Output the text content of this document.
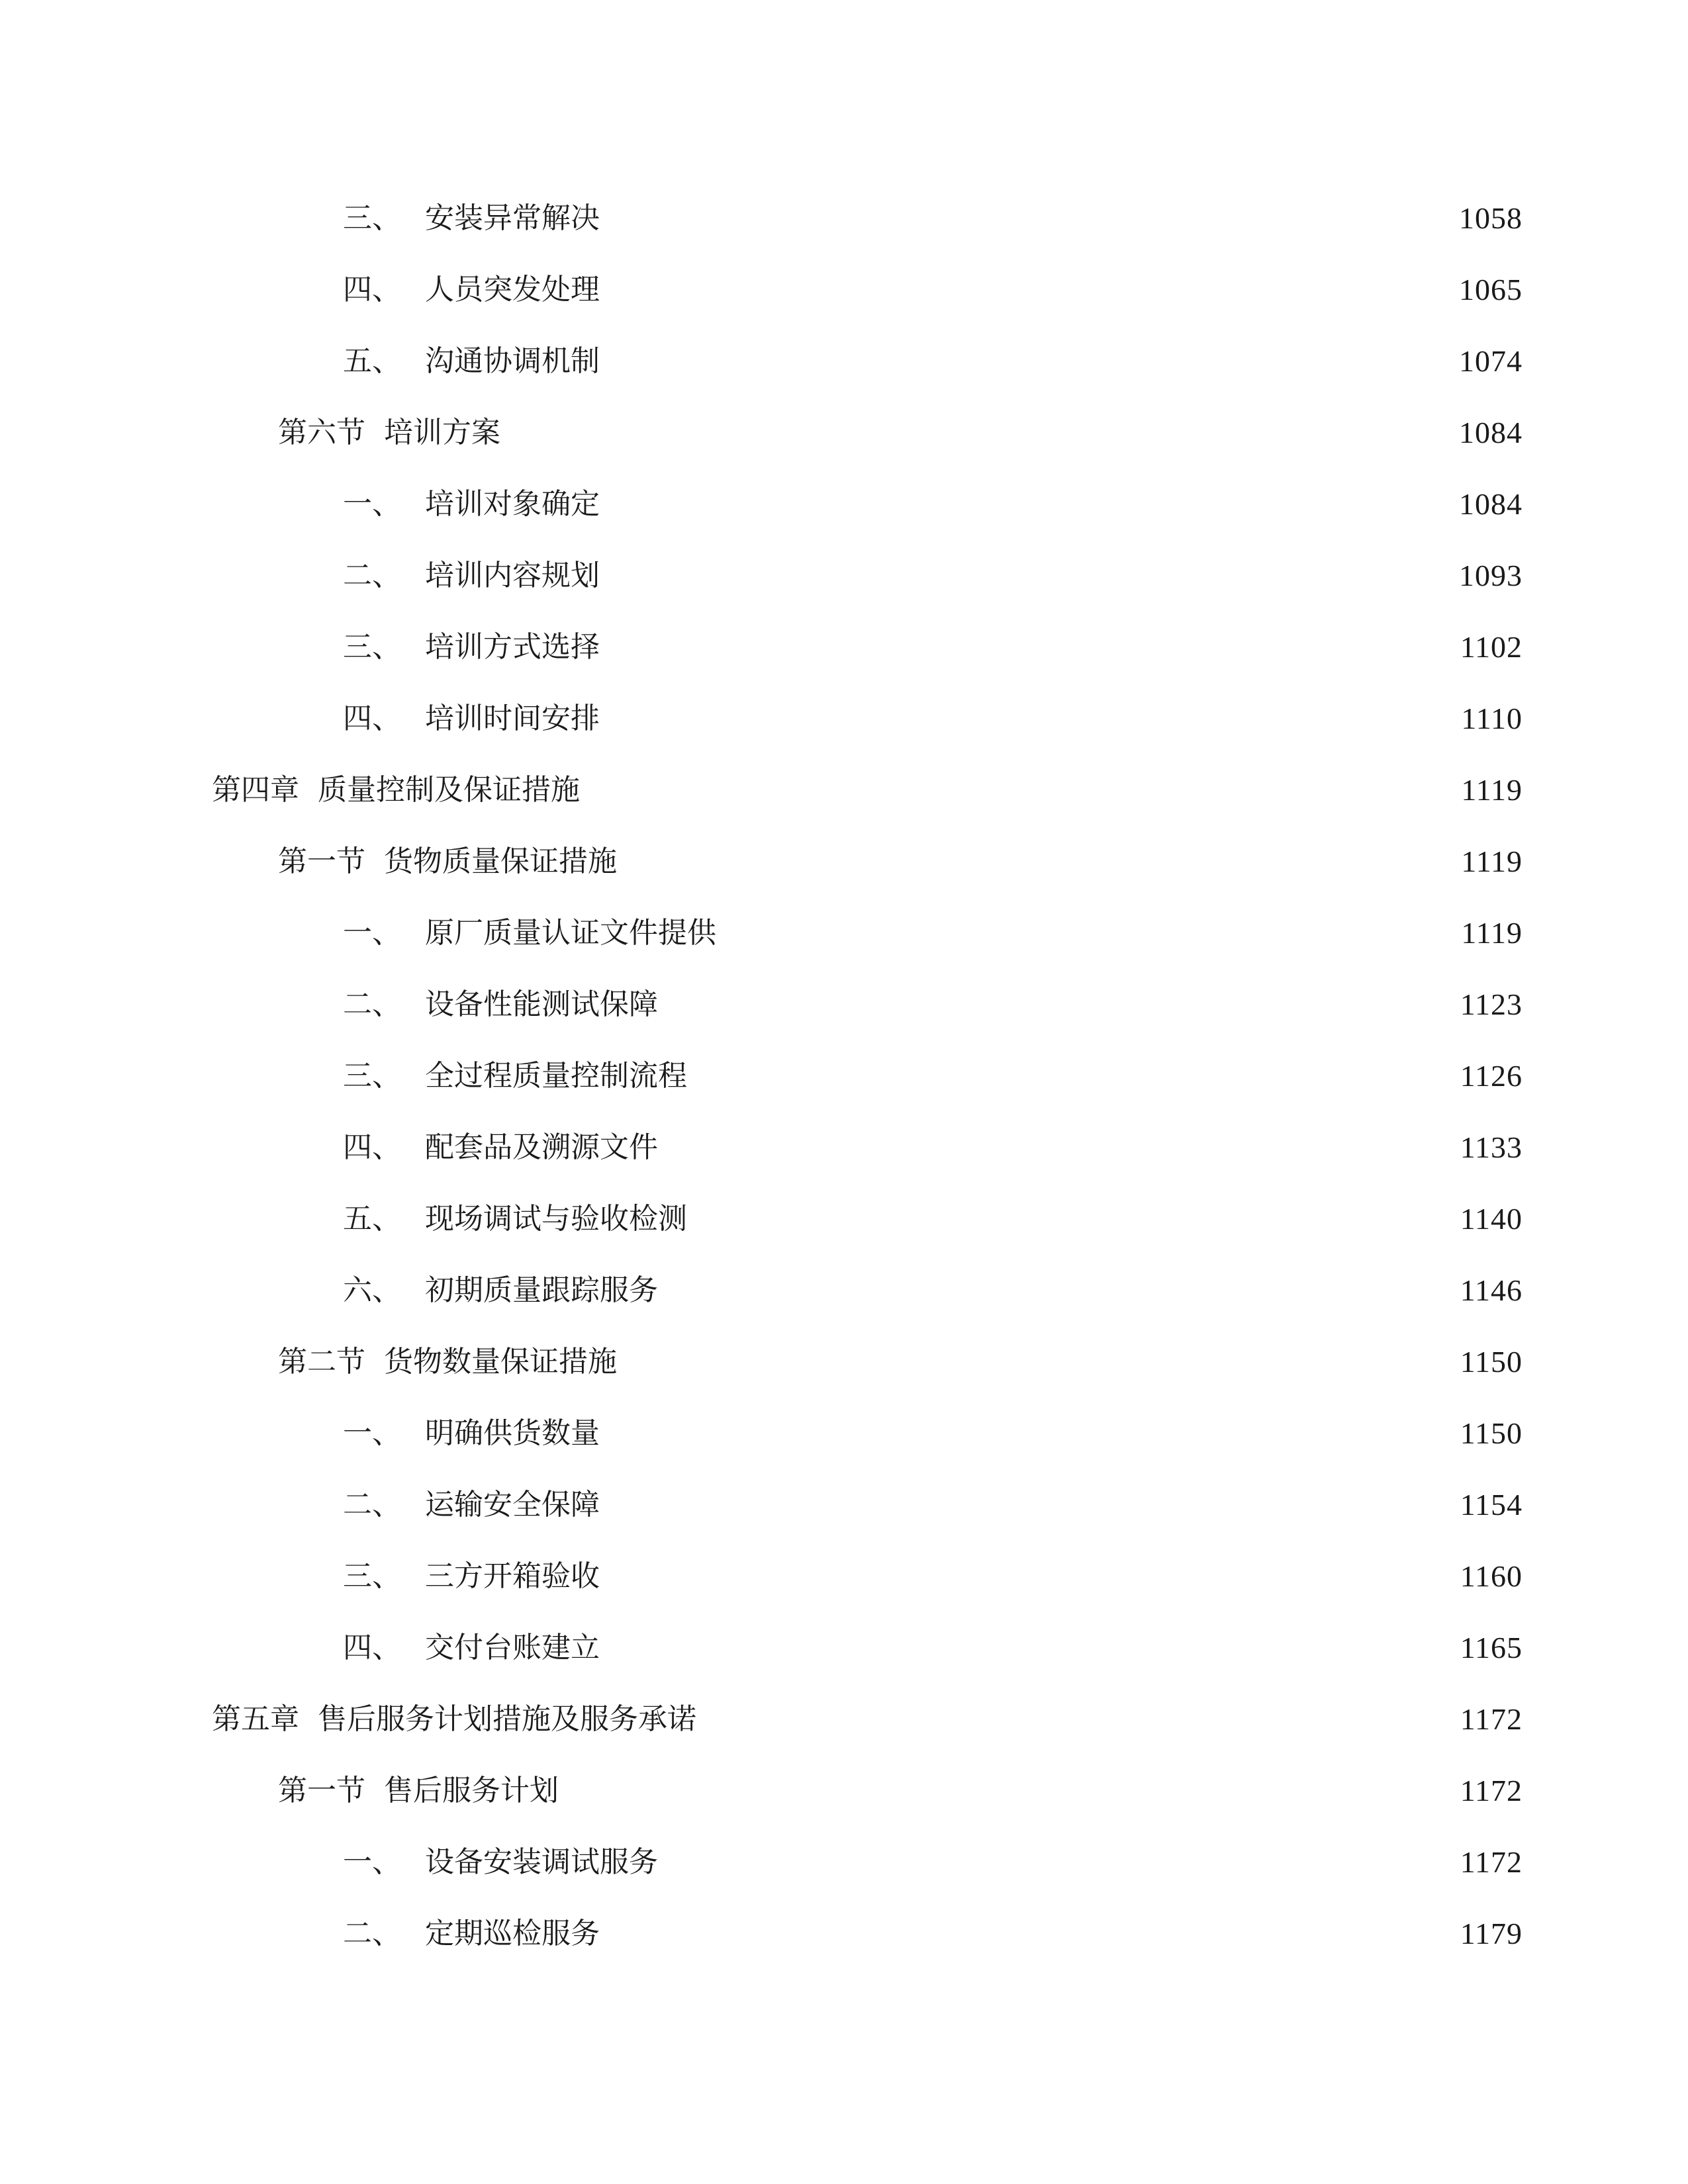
三、 安装异常解决	1058
四、 人员突发处理	1065
五、 沟通协调机制	1074
第六节 培训方案	1084
一、 培训对象确定	1084
二、 培训内容规划	1093
三、 培训方式选择	1102
四、 培训时间安排	1110
第四章 质量控制及保证措施	1119
第一节 货物质量保证措施	1119
一、 原厂质量认证文件提供	1119
二、 设备性能测试保障	1123
三、 全过程质量控制流程	1126
四、 配套品及溯源文件	1133
五、 现场调试与验收检测	1140
六、 初期质量跟踪服务	1146
第二节 货物数量保证措施	1150
一、 明确供货数量	1150
二、 运输安全保障	1154
三、 三方开箱验收	1160
四、 交付台账建立	1165
第五章 售后服务计划措施及服务承诺	1172
第一节 售后服务计划	1172
一、 设备安装调试服务	1172
二、 定期巡检服务	1179
